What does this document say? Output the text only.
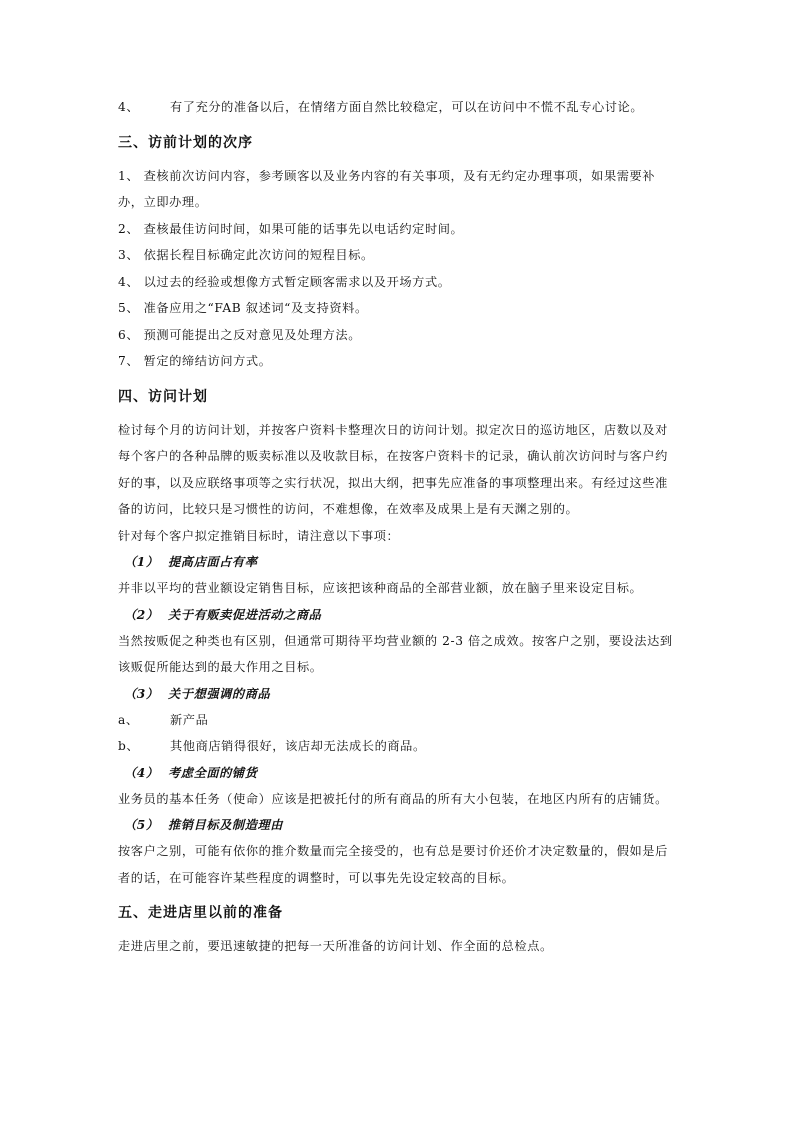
4、	有了充分的准备以后，在情绪方面自然比较稳定，可以在访问中不慌不乱专心讨论。

三、访前计划的次序

1、 查核前次访问内容，参考顾客以及业务内容的有关事项，及有无约定办理事项，如果需要补办，立即办理。

2、 查核最佳访问时间，如果可能的话事先以电话约定时间。

3、 依据长程目标确定此次访问的短程目标。

4、 以过去的经验或想像方式暂定顾客需求以及开场方式。

5、 准备应用之“FAB 叙述词“及支持资料。

6、 预测可能提出之反对意见及处理方法。

7、 暂定的缔结访问方式。

四、访问计划

检讨每个月的访问计划，并按客户资料卡整理次日的访问计划。拟定次日的巡访地区，店数以及对每个客户的各种品牌的贩卖标准以及收款目标，在按客户资料卡的记录，确认前次访问时与客户约好的事，以及应联络事项等之实行状况，拟出大纲，把事先应准备的事项整理出来。有经过这些准备的访问，比较只是习惯性的访问，不难想像，在效率及成果上是有天渊之别的。

针对每个客户拟定推销目标时，请注意以下事项：

（1） 提高店面占有率

并非以平均的营业额设定销售目标，应该把该种商品的全部营业额，放在脑子里来设定目标。

（2） 关于有贩卖促进活动之商品

当然按贩促之种类也有区别，但通常可期待平均营业额的 2-3 倍之成效。按客户之别，要设法达到该贩促所能达到的最大作用之目标。

（3） 关于想强调的商品

a、	新产品

b、	其他商店销得很好，该店却无法成长的商品。

（4） 考虑全面的铺货

业务员的基本任务（使命）应该是把被托付的所有商品的所有大小包装，在地区内所有的店铺货。

（5） 推销目标及制造理由

按客户之别，可能有依你的推介数量而完全接受的，也有总是要讨价还价才决定数量的，假如是后者的话，在可能容许某些程度的调整时，可以事先先设定较高的目标。

五、走进店里以前的准备

走进店里之前，要迅速敏捷的把每一天所准备的访问计划、作全面的总检点。
